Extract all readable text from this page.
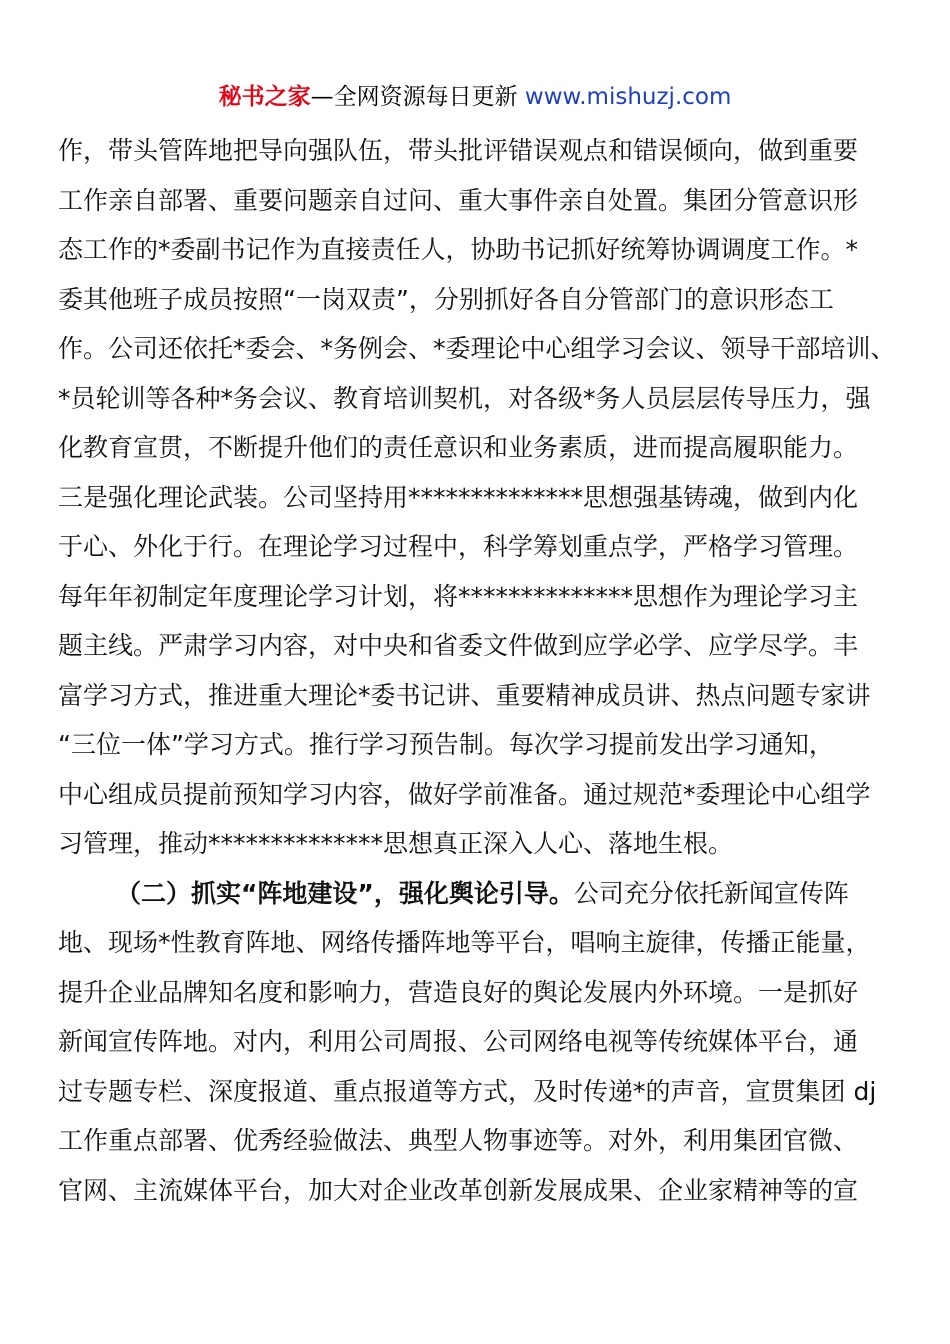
秘书之家—全网资源每日更新 www.mishuzj.com
作，带头管阵地把导向强队伍，带头批评错误观点和错误倾向，做到重要
工作亲自部署、重要问题亲自过问、重大事件亲自处置。集团分管意识形
态工作的*委副书记作为直接责任人，协助书记抓好统筹协调调度工作。*
委其他班子成员按照“一岗双责”，分别抓好各自分管部门的意识形态工
作。公司还依托*委会、*务例会、*委理论中心组学习会议、领导干部培训、
*员轮训等各种*务会议、教育培训契机，对各级*务人员层层传导压力，强
化教育宣贯，不断提升他们的责任意识和业务素质，进而提高履职能力。
三是强化理论武装。公司坚持用**************思想强基铸魂，做到内化
于心、外化于行。在理论学习过程中，科学筹划重点学，严格学习管理。
每年年初制定年度理论学习计划，将**************思想作为理论学习主
题主线。严肃学习内容，对中央和省委文件做到应学必学、应学尽学。丰
富学习方式，推进重大理论*委书记讲、重要精神成员讲、热点问题专家讲
“三位一体”学习方式。推行学习预告制。每次学习提前发出学习通知，
中心组成员提前预知学习内容，做好学前准备。通过规范*委理论中心组学
习管理，推动**************思想真正深入人心、落地生根。
（二）抓实“阵地建设”，强化舆论引导。公司充分依托新闻宣传阵
地、现场*性教育阵地、网络传播阵地等平台，唱响主旋律，传播正能量，
提升企业品牌知名度和影响力，营造良好的舆论发展内外环境。一是抓好
新闻宣传阵地。对内，利用公司周报、公司网络电视等传统媒体平台，通
过专题专栏、深度报道、重点报道等方式，及时传递*的声音，宣贯集团 dj
工作重点部署、优秀经验做法、典型人物事迹等。对外，利用集团官微、
官网、主流媒体平台，加大对企业改革创新发展成果、企业家精神等的宣
